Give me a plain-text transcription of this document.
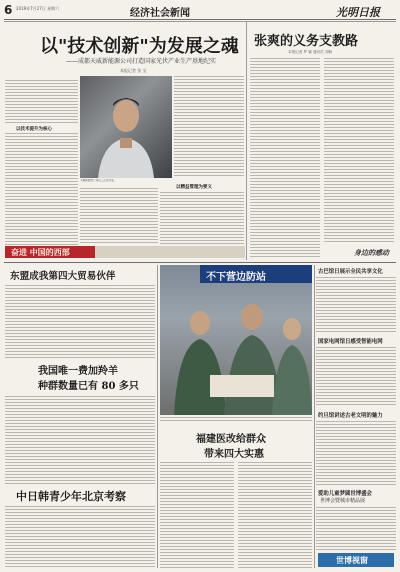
6 2019年7月27日 星期六	经济社会新闻	光明日报
以"技术创新"为发展之魂
——成都天威新能源公司打造国家光伏产业生产基地纪实
本报记者 张 宝
以技术提升为核心
天威新能源公司员工正在作业。
以精益管理为要义
奋进 中国的西部
张爽的义务支教路
本报记者 罗 颖 通讯员 刘畅
身边的感动
东盟成我第四大贸易伙伴
我国唯一费加羚羊
种群数量已有 80 多只
中日韩青少年北京考察
不下营边防站
福建医改给群众
带来四大实惠
古巴馆日展示全民共享文化
国家电网馆日感受智能电网
约旦馆讲述古老文明的魅力
爱助儿童梦圆世博盛会
世博会暨城市精品展
世博视窗
